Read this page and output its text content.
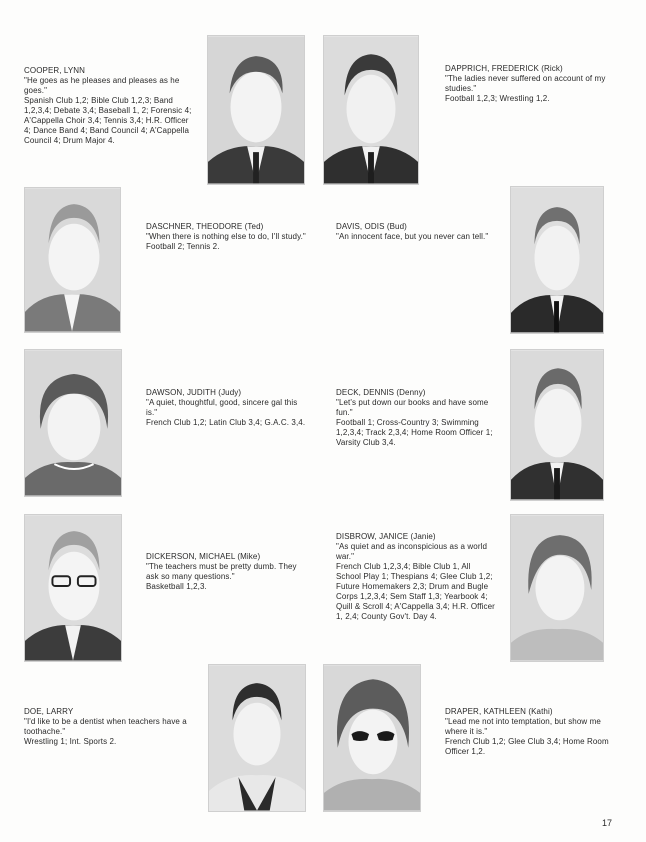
COOPER, LYNN
"He goes as he pleases and pleases as he goes."
Spanish Club 1,2; Bible Club 1,2,3; Band 1,2,3,4; Debate 3,4; Baseball 1, 2; Forensic 4; A'Cappella Choir 3,4; Tennis 3,4; H.R. Officer 4; Dance Band 4; Band Council 4; A'Cappella Council 4; Drum Major 4.
DAPPRICH, FREDERICK (Rick)
"The ladies never suffered on account of my studies."
Football 1,2,3; Wrestling 1,2.
DASCHNER, THEODORE (Ted)
"When there is nothing else to do, I'll study."
Football 2; Tennis 2.
DAVIS, ODIS (Bud)
"An innocent face, but you never can tell."
DAWSON, JUDITH (Judy)
"A quiet, thoughtful, good, sincere gal this is."
French Club 1,2; Latin Club 3,4; G.A.C. 3,4.
DECK, DENNIS (Denny)
"Let's put down our books and have some fun."
Football 1; Cross-Country 3; Swimming 1,2,3,4; Track 2,3,4; Home Room Officer 1; Varsity Club 3,4.
DICKERSON, MICHAEL (Mike)
"The teachers must be pretty dumb. They ask so many questions."
Basketball 1,2,3.
DISBROW, JANICE (Janie)
"As quiet and as inconspicious as a world war."
French Club 1,2,3,4; Bible Club 1, All School Play 1; Thespians 4; Glee Club 1,2; Future Homemakers 2,3; Drum and Bugle Corps 1,2,3,4; Sem Staff 1,3; Yearbook 4; Quill & Scroll 4; A'Cappella 3,4; H.R. Officer 1, 2,4; County Gov't. Day 4.
DOE, LARRY
"I'd like to be a dentist when teachers have a toothache."
Wrestling 1; Int. Sports 2.
DRAPER, KATHLEEN (Kathi)
"Lead me not into temptation, but show me where it is."
French Club 1,2; Glee Club 3,4; Home Room Officer 1,2.
17
